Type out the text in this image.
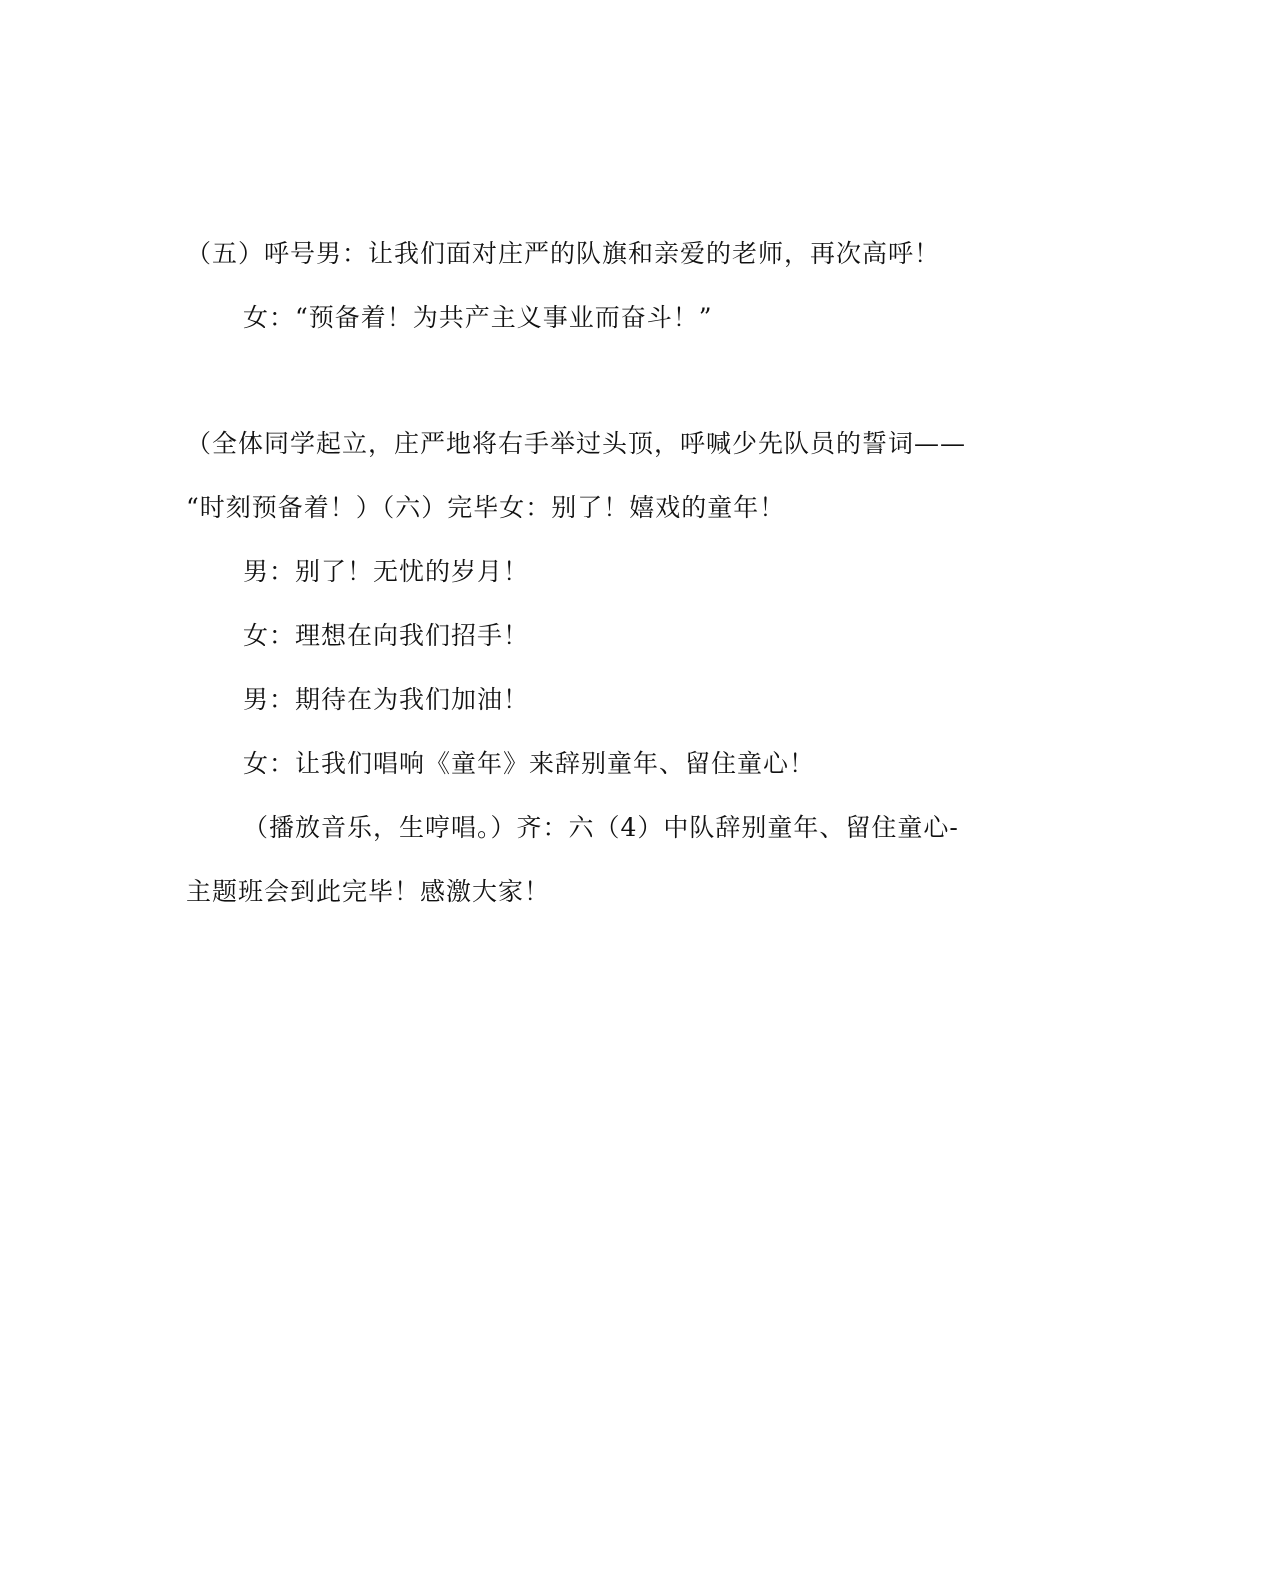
（五）呼号男：让我们面对庄严的队旗和亲爱的老师，再次高呼！
女：“预备着！为共产主义事业而奋斗！”
（全体同学起立，庄严地将右手举过头顶，呼喊少先队员的誓词——
“时刻预备着！）（六）完毕女：别了！嬉戏的童年！
男：别了！无忧的岁月！
女：理想在向我们招手！
男：期待在为我们加油！
女：让我们唱响《童年》来辞别童年、留住童心！
（播放音乐，生哼唱。）齐：六（4）中队辞别童年、留住童心-
主题班会到此完毕！感激大家！
